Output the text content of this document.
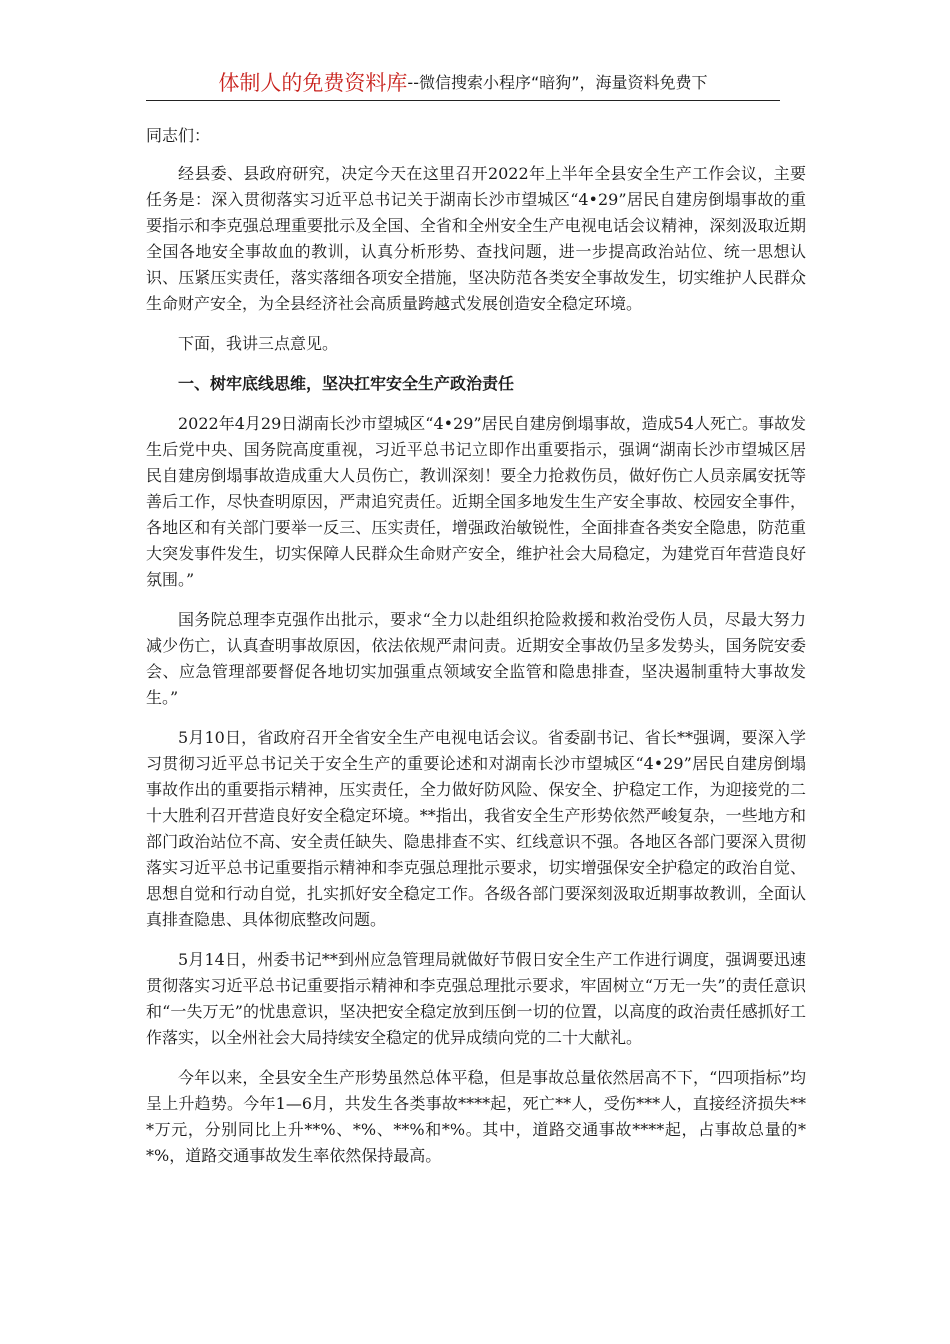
体制人的免费资料库--微信搜索小程序“暗狗”，海量资料免费下

同志们：

经县委、县政府研究，决定今天在这里召开2022年上半年全县安全生产工作会议，主要任务是：深入贯彻落实习近平总书记关于湖南长沙市望城区“4•29”居民自建房倒塌事故的重要指示和李克强总理重要批示及全国、全省和全州安全生产电视电话会议精神，深刻汲取近期全国各地安全事故血的教训，认真分析形势、查找问题，进一步提高政治站位、统一思想认识、压紧压实责任，落实落细各项安全措施，坚决防范各类安全事故发生，切实维护人民群众生命财产安全，为全县经济社会高质量跨越式发展创造安全稳定环境。

下面，我讲三点意见。

一、树牢底线思维，坚决扛牢安全生产政治责任

2022年4月29日湖南长沙市望城区“4•29”居民自建房倒塌事故，造成54人死亡。事故发生后党中央、国务院高度重视，习近平总书记立即作出重要指示，强调“湖南长沙市望城区居民自建房倒塌事故造成重大人员伤亡，教训深刻！要全力抢救伤员，做好伤亡人员亲属安抚等善后工作，尽快查明原因，严肃追究责任。近期全国多地发生生产安全事故、校园安全事件，各地区和有关部门要举一反三、压实责任，增强政治敏锐性，全面排查各类安全隐患，防范重大突发事件发生，切实保障人民群众生命财产安全，维护社会大局稳定，为建党百年营造良好氛围。”

国务院总理李克强作出批示，要求“全力以赴组织抢险救援和救治受伤人员，尽最大努力减少伤亡，认真查明事故原因，依法依规严肃问责。近期安全事故仍呈多发势头，国务院安委会、应急管理部要督促各地切实加强重点领域安全监管和隐患排查，坚决遏制重特大事故发生。”

5月10日，省政府召开全省安全生产电视电话会议。省委副书记、省长**强调，要深入学习贯彻习近平总书记关于安全生产的重要论述和对湖南长沙市望城区“4•29”居民自建房倒塌事故作出的重要指示精神，压实责任，全力做好防风险、保安全、护稳定工作，为迎接党的二十大胜利召开营造良好安全稳定环境。**指出，我省安全生产形势依然严峻复杂，一些地方和部门政治站位不高、安全责任缺失、隐患排查不实、红线意识不强。各地区各部门要深入贯彻落实习近平总书记重要指示精神和李克强总理批示要求，切实增强保安全护稳定的政治自觉、思想自觉和行动自觉，扎实抓好安全稳定工作。各级各部门要深刻汲取近期事故教训，全面认真排查隐患、具体彻底整改问题。

5月14日，州委书记**到州应急管理局就做好节假日安全生产工作进行调度，强调要迅速贯彻落实习近平总书记重要指示精神和李克强总理批示要求，牢固树立“万无一失”的责任意识和“一失万无”的忧患意识，坚决把安全稳定放到压倒一切的位置，以高度的政治责任感抓好工作落实，以全州社会大局持续安全稳定的优异成绩向党的二十大献礼。

今年以来，全县安全生产形势虽然总体平稳，但是事故总量依然居高不下，“四项指标”均呈上升趋势。今年1—6月，共发生各类事故****起，死亡**人，受伤***人，直接经济损失***万元，分别同比上升**%、*%、**%和*%。其中，道路交通事故****起，占事故总量的**%，道路交通事故发生率依然保持最高。
